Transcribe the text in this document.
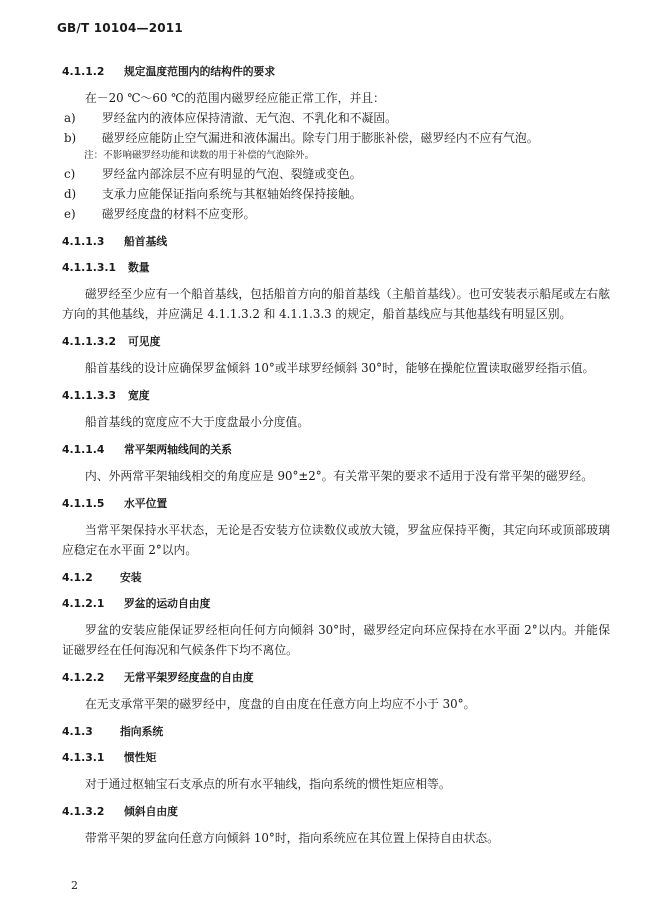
GB/T 10104—2011
4.1.1.2 规定温度范围内的结构件的要求

在－20 ℃～60 ℃的范围内磁罗经应能正常工作，并且：

a) 罗经盆内的液体应保持清澈、无气泡、不乳化和不凝固。

b) 磁罗经应能防止空气漏进和液体漏出。除专门用于膨胀补偿，磁罗经内不应有气泡。

注：不影响磁罗经功能和读数的用于补偿的气泡除外。

c) 罗经盆内部涂层不应有明显的气泡、裂缝或变色。

d) 支承力应能保证指向系统与其枢轴始终保持接触。

e) 磁罗经度盘的材料不应变形。

4.1.1.3 船首基线
4.1.1.3.1 数量

磁罗经至少应有一个船首基线，包括船首方向的船首基线（主船首基线）。也可安装表示船尾或左右舷方向的其他基线，并应满足 4.1.1.3.2 和 4.1.1.3.3 的规定，船首基线应与其他基线有明显区别。

4.1.1.3.2 可见度

船首基线的设计应确保罗盆倾斜 10°或半球罗经倾斜 30°时，能够在操舵位置读取磁罗经指示值。

4.1.1.3.3 宽度

船首基线的宽度应不大于度盘最小分度值。

4.1.1.4 常平架两轴线间的关系

内、外两常平架轴线相交的角度应是 90°±2°。有关常平架的要求不适用于没有常平架的磁罗经。

4.1.1.5 水平位置

当常平架保持水平状态，无论是否安装方位读数仪或放大镜，罗盆应保持平衡，其定向环或顶部玻璃应稳定在水平面 2°以内。

4.1.2	安装
4.1.2.1 罗盆的运动自由度

罗盆的安装应能保证罗经柜向任何方向倾斜 30°时，磁罗经定向环应保持在水平面 2°以内。并能保证磁罗经在任何海况和气候条件下均不离位。

4.1.2.2 无常平架罗经度盘的自由度

在无支承常平架的磁罗经中，度盘的自由度在任意方向上均应不小于 30°。

4.1.3	指向系统
4.1.3.1 惯性矩

对于通过枢轴宝石支承点的所有水平轴线，指向系统的惯性矩应相等。

4.1.3.2 倾斜自由度

带常平架的罗盆向任意方向倾斜 10°时，指向系统应在其位置上保持自由状态。

2
